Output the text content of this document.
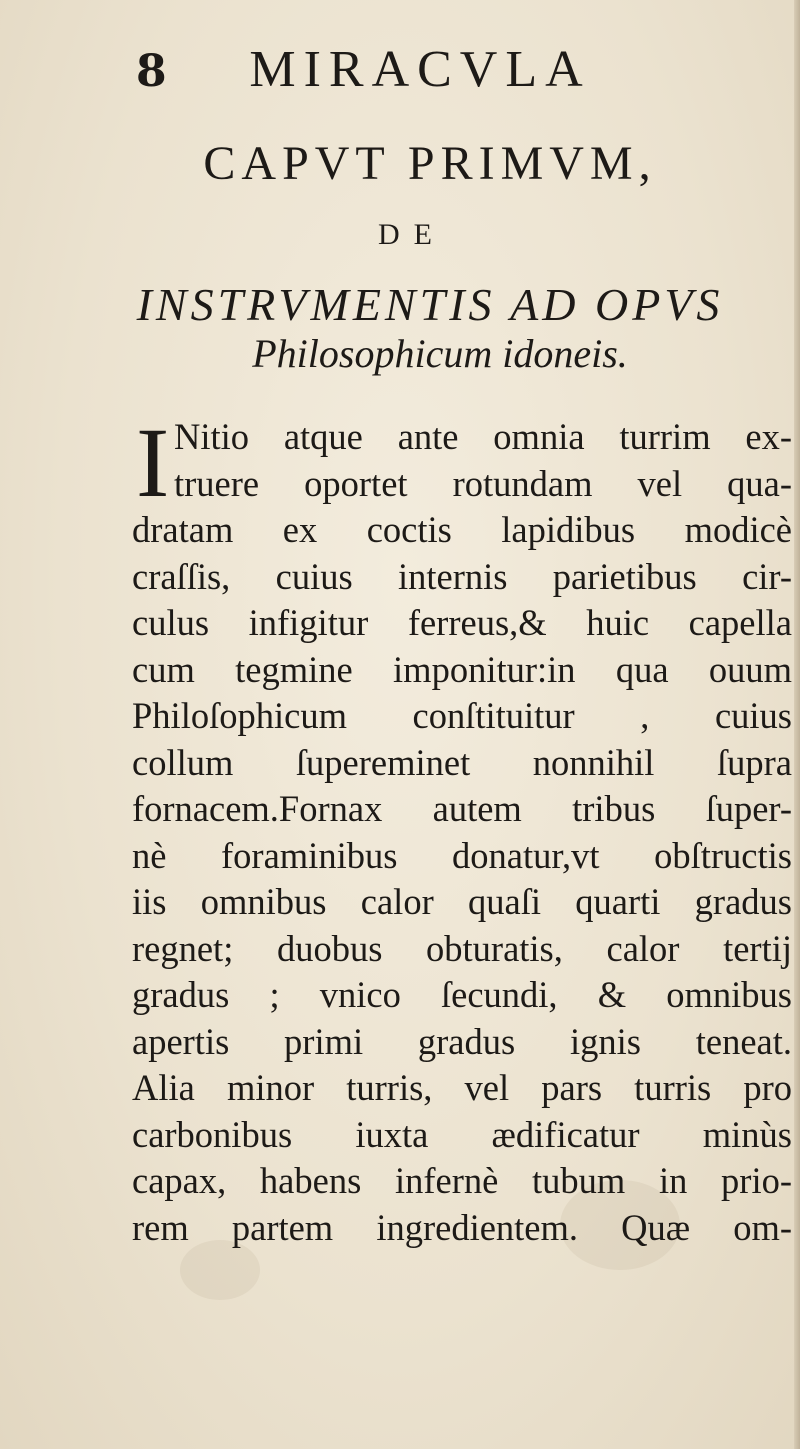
8	MIRACVLA
CAPVT PRIMVM,
DE
INSTRVMENTIS AD OPVS
Philosophicum idoneis.
I Nitio atque ante omnia turrim ex-
truere oportet rotundam vel qua-
dratam ex coctis lapidibus modicè
craſſis, cuius internis parietibus cir-
culus infigitur ferreus,& huic capella
cum tegmine imponitur:in qua ouum
Philoſophicum conſtituitur , cuius
collum ſupereminet nonnihil ſupra
fornacem.Fornax autem tribus ſuper-
nè foraminibus donatur,vt obſtructis
iis omnibus calor quaſi quarti gradus
regnet; duobus obturatis, calor tertij
gradus ; vnico ſecundi, & omnibus
apertis primi gradus ignis teneat.
Alia minor turris, vel pars turris pro
carbonibus iuxta ædificatur minùs
capax, habens infernè tubum in prio-
rem partem ingredientem. Quæ om-
